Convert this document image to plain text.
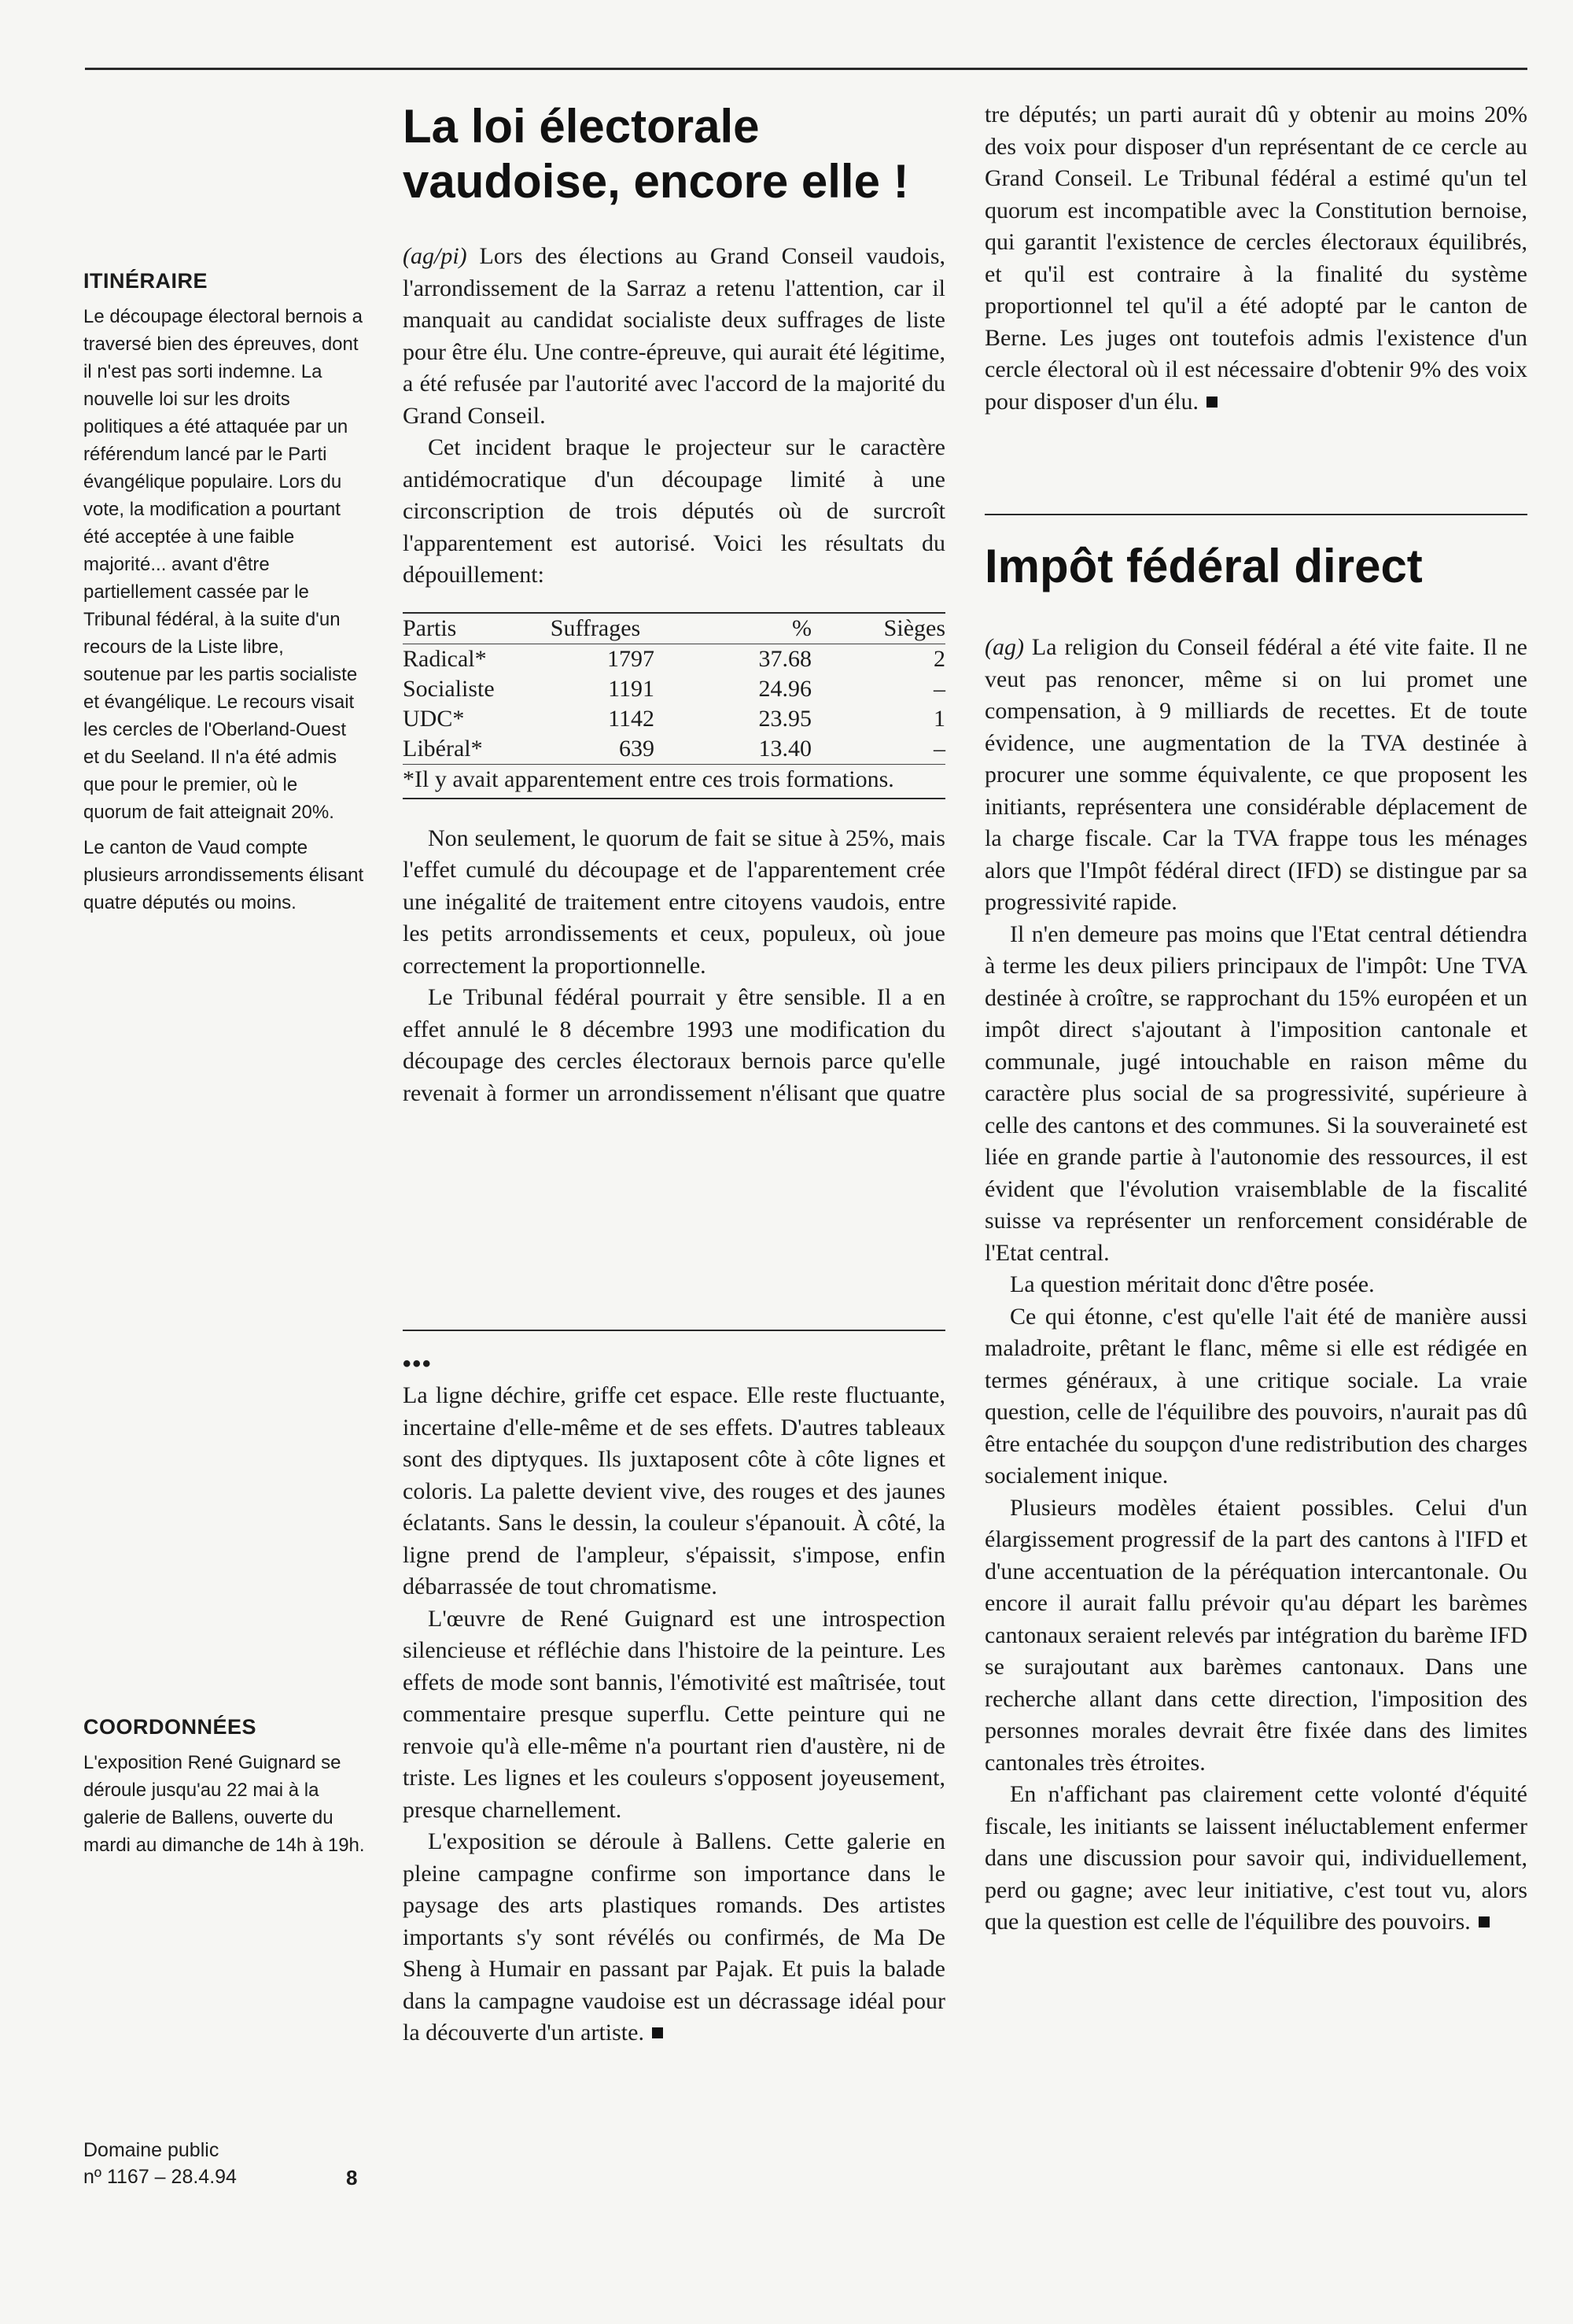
ITINÉRAIRE

Le découpage électoral bernois a traversé bien des épreuves, dont il n'est pas sorti indemne. La nouvelle loi sur les droits politiques a été attaquée par un référendum lancé par le Parti évangélique populaire. Lors du vote, la modification a pourtant été acceptée à une faible majorité... avant d'être partiellement cassée par le Tribunal fédéral, à la suite d'un recours de la Liste libre, soutenue par les partis socialiste et évangélique. Le recours visait les cercles de l'Oberland-Ouest et du Seeland. Il n'a été admis que pour le premier, où le quorum de fait atteignait 20%.

Le canton de Vaud compte plusieurs arrondissements élisant quatre députés ou moins.

COORDONNÉES

L'exposition René Guignard se déroule jusqu'au 22 mai à la galerie de Ballens, ouverte du mardi au dimanche de 14h à 19h.

Domaine public
nº 1167 – 28.4.94	8
La loi électorale
vaudoise, encore elle !

(ag/pi) Lors des élections au Grand Conseil vaudois, l'arrondissement de la Sarraz a retenu l'attention, car il manquait au candidat socialiste deux suffrages de liste pour être élu. Une contre-épreuve, qui aurait été légitime, a été refusée par l'autorité avec l'accord de la majorité du Grand Conseil.

Cet incident braque le projecteur sur le caractère antidémocratique d'un découpage limité à une circonscription de trois députés où de surcroît l'apparentement est autorisé. Voici les résultats du dépouillement:

Partis	Suffrages	%	Sièges
Radical*	1797	37.68	2
Socialiste	1191	24.96	–
UDC*	1142	23.95	1
Libéral*	639	13.40	–
*Il y avait apparentement entre ces trois formations.			

Non seulement, le quorum de fait se situe à 25%, mais l'effet cumulé du découpage et de l'apparentement crée une inégalité de traitement entre citoyens vaudois, entre les petits arrondissements et ceux, populeux, où joue correctement la proportionnelle.

Le Tribunal fédéral pourrait y être sensible. Il a en effet annulé le 8 décembre 1993 une modification du découpage des cercles électoraux bernois parce qu'elle revenait à former un arrondissement n'élisant que quatre

•••

La ligne déchire, griffe cet espace. Elle reste fluctuante, incertaine d'elle-même et de ses effets. D'autres tableaux sont des diptyques. Ils juxtaposent côte à côte lignes et coloris. La palette devient vive, des rouges et des jaunes éclatants. Sans le dessin, la couleur s'épanouit. À côté, la ligne prend de l'ampleur, s'épaissit, s'impose, enfin débarrassée de tout chromatisme.

L'œuvre de René Guignard est une introspection silencieuse et réfléchie dans l'histoire de la peinture. Les effets de mode sont bannis, l'émotivité est maîtrisée, tout commentaire presque superflu. Cette peinture qui ne renvoie qu'à elle-même n'a pourtant rien d'austère, ni de triste. Les lignes et les couleurs s'opposent joyeusement, presque charnellement.

L'exposition se déroule à Ballens. Cette galerie en pleine campagne confirme son importance dans le paysage des arts plastiques romands. Des artistes importants s'y sont révélés ou confirmés, de Ma De Sheng à Humair en passant par Pajak. Et puis la balade dans la campagne vaudoise est un décrassage idéal pour la découverte d'un artiste.

tre députés; un parti aurait dû y obtenir au moins 20% des voix pour disposer d'un représentant de ce cercle au Grand Conseil. Le Tribunal fédéral a estimé qu'un tel quorum est incompatible avec la Constitution bernoise, qui garantit l'existence de cercles électoraux équilibrés, et qu'il est contraire à la finalité du système proportionnel tel qu'il a été adopté par le canton de Berne. Les juges ont toutefois admis l'existence d'un cercle électoral où il est nécessaire d'obtenir 9% des voix pour disposer d'un élu.

Impôt fédéral direct

(ag) La religion du Conseil fédéral a été vite faite. Il ne veut pas renoncer, même si on lui promet une compensation, à 9 milliards de recettes. Et de toute évidence, une augmentation de la TVA destinée à procurer une somme équivalente, ce que proposent les initiants, représentera une considérable déplacement de la charge fiscale. Car la TVA frappe tous les ménages alors que l'Impôt fédéral direct (IFD) se distingue par sa progressivité rapide.

Il n'en demeure pas moins que l'Etat central détiendra à terme les deux piliers principaux de l'impôt: Une TVA destinée à croître, se rapprochant du 15% européen et un impôt direct s'ajoutant à l'imposition cantonale et communale, jugé intouchable en raison même du caractère plus social de sa progressivité, supérieure à celle des cantons et des communes. Si la souveraineté est liée en grande partie à l'autonomie des ressources, il est évident que l'évolution vraisemblable de la fiscalité suisse va représenter un renforcement considérable de l'Etat central.

La question méritait donc d'être posée.

Ce qui étonne, c'est qu'elle l'ait été de manière aussi maladroite, prêtant le flanc, même si elle est rédigée en termes généraux, à une critique sociale. La vraie question, celle de l'équilibre des pouvoirs, n'aurait pas dû être entachée du soupçon d'une redistribution des charges socialement inique.

Plusieurs modèles étaient possibles. Celui d'un élargissement progressif de la part des cantons à l'IFD et d'une accentuation de la péréquation intercantonale. Ou encore il aurait fallu prévoir qu'au départ les barèmes cantonaux seraient relevés par intégration du barème IFD se surajoutant aux barèmes cantonaux. Dans une recherche allant dans cette direction, l'imposition des personnes morales devrait être fixée dans des limites cantonales très étroites.

En n'affichant pas clairement cette volonté d'équité fiscale, les initiants se laissent inéluctablement enfermer dans une discussion pour savoir qui, individuellement, perd ou gagne; avec leur initiative, c'est tout vu, alors que la question est celle de l'équilibre des pouvoirs.
